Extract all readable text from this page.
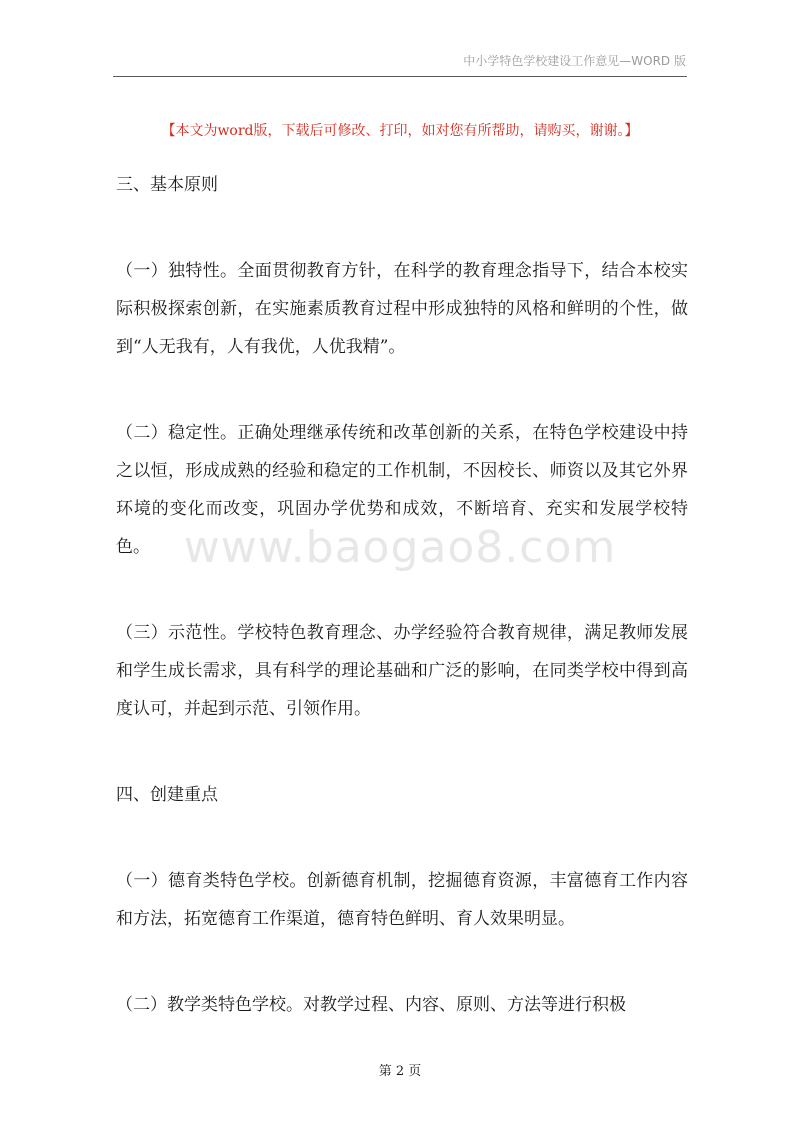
中小学特色学校建设工作意见—WORD 版
【本文为word版，下载后可修改、打印，如对您有所帮助，请购买，谢谢。】
www.baogao8.com

三、基本原则

（一）独特性。全面贯彻教育方针，在科学的教育理念指导下，结合本校实际积极探索创新，在实施素质教育过程中形成独特的风格和鲜明的个性，做到“人无我有，人有我优，人优我精”。

（二）稳定性。正确处理继承传统和改革创新的关系，在特色学校建设中持之以恒，形成成熟的经验和稳定的工作机制，不因校长、师资以及其它外界环境的变化而改变，巩固办学优势和成效，不断培育、充实和发展学校特色。

（三）示范性。学校特色教育理念、办学经验符合教育规律，满足教师发展和学生成长需求，具有科学的理论基础和广泛的影响，在同类学校中得到高度认可，并起到示范、引领作用。

四、创建重点

（一）德育类特色学校。创新德育机制，挖掘德育资源，丰富德育工作内容和方法，拓宽德育工作渠道，德育特色鲜明、育人效果明显。

（二）教学类特色学校。对教学过程、内容、原则、方法等进行积极

第 2 页
